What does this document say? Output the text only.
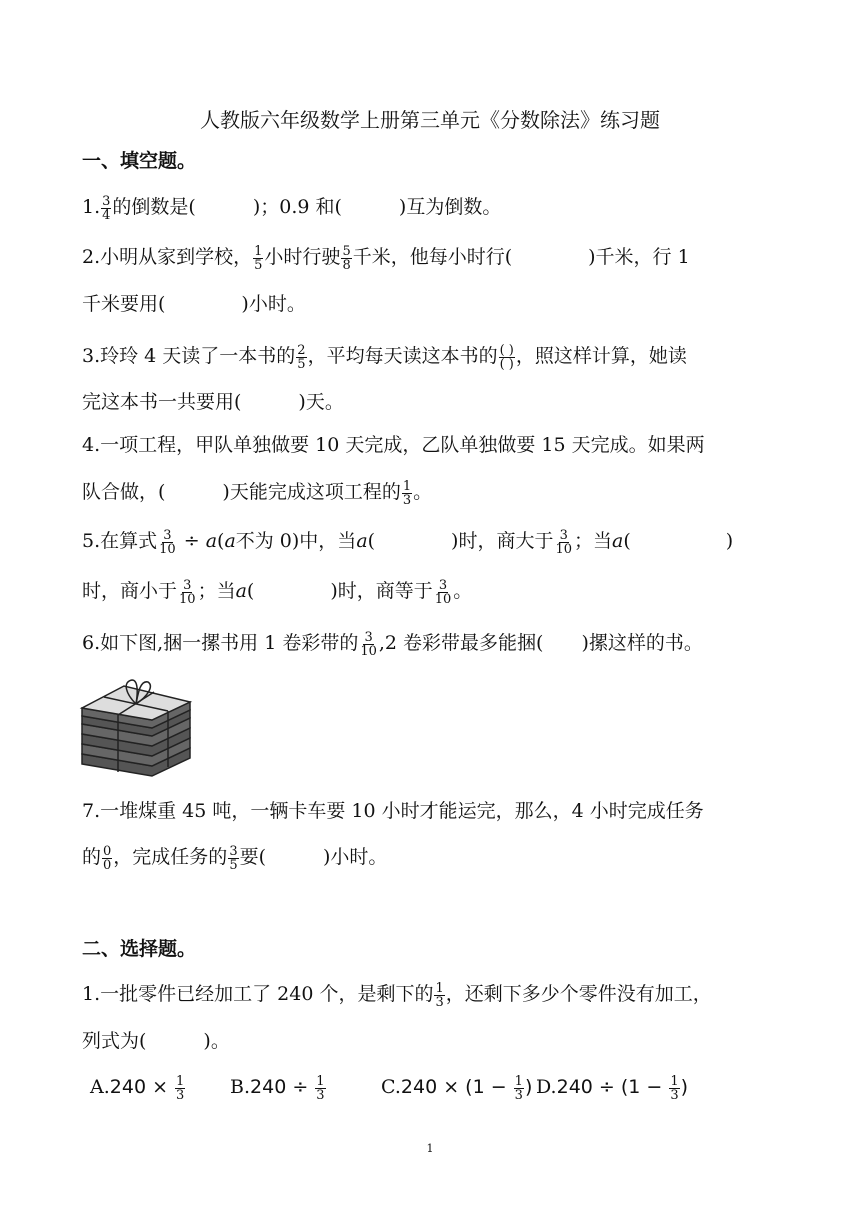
人教版六年级数学上册第三单元《分数除法》练习题
一、填空题。
1. $\frac{3}{4}$ 的倒数是(　　　)；0.9 和(　　　)互为倒数。
2.小明从家到学校， $\frac{1}{5}$ 小时行驶 $\frac{5}{8}$ 千米，他每小时行(　　　　)千米，行 1
千米要用(　　　　)小时。
3.玲玲 4 天读了一本书的 $\frac{2}{5}$ ，平均每天读这本书的 $\frac{( )}{( )}$ ，照这样计算，她读
完这本书一共要用(　　　)天。
4.一项工程，甲队单独做要 10 天完成，乙队单独做要 15 天完成。如果两
队合做，(　　　)天能完成这项工程的 $\frac{1}{3}$ 。
5.在算式 $\frac{3}{10} \div a(a$不为 0)中，当a(　　　　)时，商大于 $\frac{3}{10}$ ；当a(　　　　　)
时，商小于 $\frac{3}{10}$ ；当a(　　　　)时，商等于 $\frac{3}{10}$ 。
6.如下图,捆一摞书用 1 卷彩带的 $\frac{3}{10} ,2$ 卷彩带最多能捆(　　)摞这样的书。
7.一堆煤重 45 吨，一辆卡车要 10 小时才能运完，那么，4 小时完成任务
的 $\frac{0}{0}$ ，完成任务的 $\frac{3}{5}$ 要(　　　)小时。
二、选择题。
1.一批零件已经加工了 240 个，是剩下的 $\frac{1}{3}$ ，还剩下多少个零件没有加工，
列式为(　　　)。
$A.240 \times \frac{1}{3} B.240 \div \frac{1}{3}$	$C.240 \times (1 - \frac{1}{3}$ ) $D.240 \div (1 - \frac{1}{3}$ )
1
